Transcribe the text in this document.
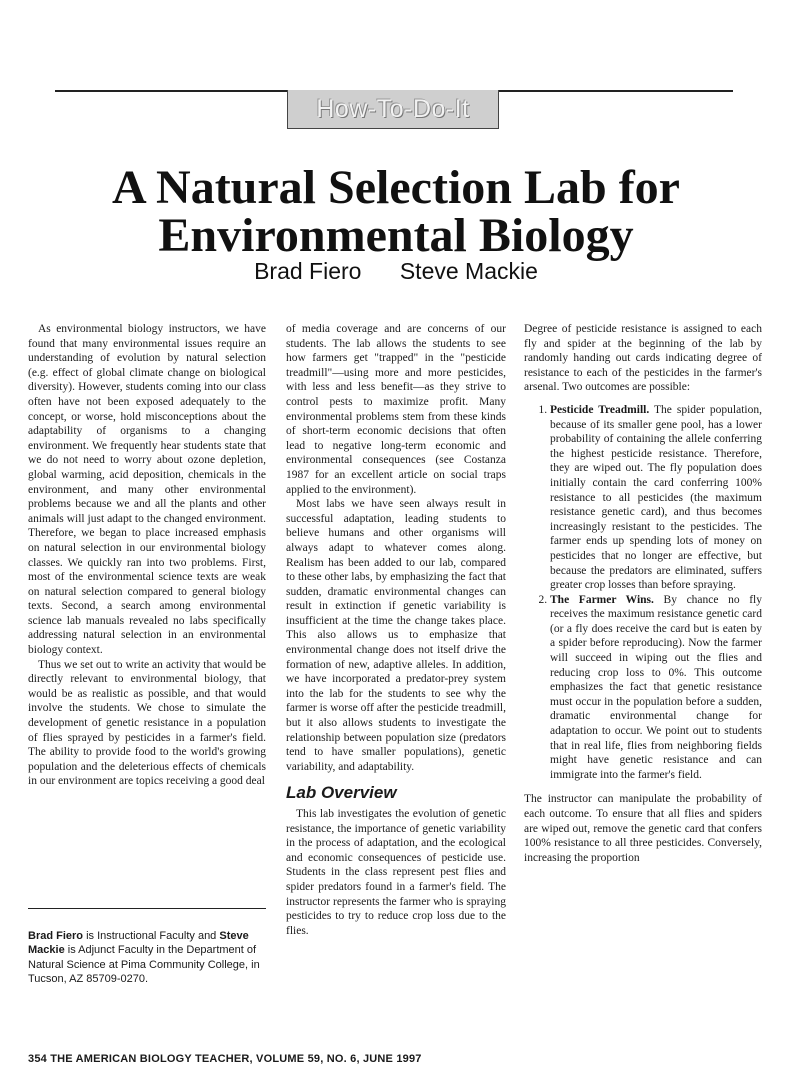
How-To-Do-It
A Natural Selection Lab for
Environmental Biology
Brad Fiero Steve Mackie

As environmental biology instructors, we have found that many environmental issues require an understanding of evolution by natural selection (e.g. effect of global climate change on biological diversity). However, students coming into our class often have not been exposed adequately to the concept, or worse, hold misconceptions about the adaptability of organisms to a changing environment. We frequently hear students state that we do not need to worry about ozone depletion, global warming, acid deposition, chemicals in the environment, and many other environmental problems because we and all the plants and other animals will just adapt to the changed environment. Therefore, we began to place increased emphasis on natural selection in our environmental biology classes. We quickly ran into two problems. First, most of the environmental science texts are weak on natural selection compared to general biology texts. Second, a search among environmental science lab manuals revealed no labs specifically addressing natural selection in an environmental biology context.

Thus we set out to write an activity that would be directly relevant to environmental biology, that would be as realistic as possible, and that would involve the students. We chose to simulate the development of genetic resistance in a population of flies sprayed by pesticides in a farmer's field. The ability to provide food to the world's growing population and the deleterious effects of chemicals in our environment are topics receiving a good deal

Brad Fiero is Instructional Faculty and Steve Mackie is Adjunct Faculty in the Department of Natural Science at Pima Community College, in Tucson, AZ 85709-0270.

of media coverage and are concerns of our students. The lab allows the students to see how farmers get "trapped" in the "pesticide treadmill"—using more and more pesticides, with less and less benefit—as they strive to control pests to maximize profit. Many environmental problems stem from these kinds of short-term economic decisions that often lead to negative long-term economic and environmental consequences (see Costanza 1987 for an excellent article on social traps applied to the environment).

Most labs we have seen always result in successful adaptation, leading students to believe humans and other organisms will always adapt to whatever comes along. Realism has been added to our lab, compared to these other labs, by emphasizing the fact that sudden, dramatic environmental changes can result in extinction if genetic variability is insufficient at the time the change takes place. This also allows us to emphasize that environmental change does not itself drive the formation of new, adaptive alleles. In addition, we have incorporated a predator-prey system into the lab for the students to see why the farmer is worse off after the pesticide treadmill, but it also allows students to investigate the relationship between population size (predators tend to have smaller populations), genetic variability, and adaptability.

Lab Overview

This lab investigates the evolution of genetic resistance, the importance of genetic variability in the process of adaptation, and the ecological and economic consequences of pesticide use. Students in the class represent pest flies and spider predators found in a farmer's field. The instructor represents the farmer who is spraying pesticides to try to reduce crop loss due to the flies.

Degree of pesticide resistance is assigned to each fly and spider at the beginning of the lab by randomly handing out cards indicating degree of resistance to each of the pesticides in the farmer's arsenal. Two outcomes are possible:

1. Pesticide Treadmill. The spider population, because of its smaller gene pool, has a lower probability of containing the allele conferring the highest pesticide resistance. Therefore, they are wiped out. The fly population does initially contain the card conferring 100% resistance to all pesticides (the maximum resistance genetic card), and thus becomes increasingly resistant to the pesticides. The farmer ends up spending lots of money on pesticides that no longer are effective, but because the predators are eliminated, suffers greater crop losses than before spraying.
2. The Farmer Wins. By chance no fly receives the maximum resistance genetic card (or a fly does receive the card but is eaten by a spider before reproducing). Now the farmer will succeed in wiping out the flies and reducing crop loss to 0%. This outcome emphasizes the fact that genetic resistance must occur in the population before a sudden, dramatic environmental change for adaptation to occur. We point out to students that in real life, flies from neighboring fields might have genetic resistance and can immigrate into the farmer's field.

The instructor can manipulate the probability of each outcome. To ensure that all flies and spiders are wiped out, remove the genetic card that confers 100% resistance to all three pesticides. Conversely, increasing the proportion

354 THE AMERICAN BIOLOGY TEACHER, VOLUME 59, NO. 6, JUNE 1997
